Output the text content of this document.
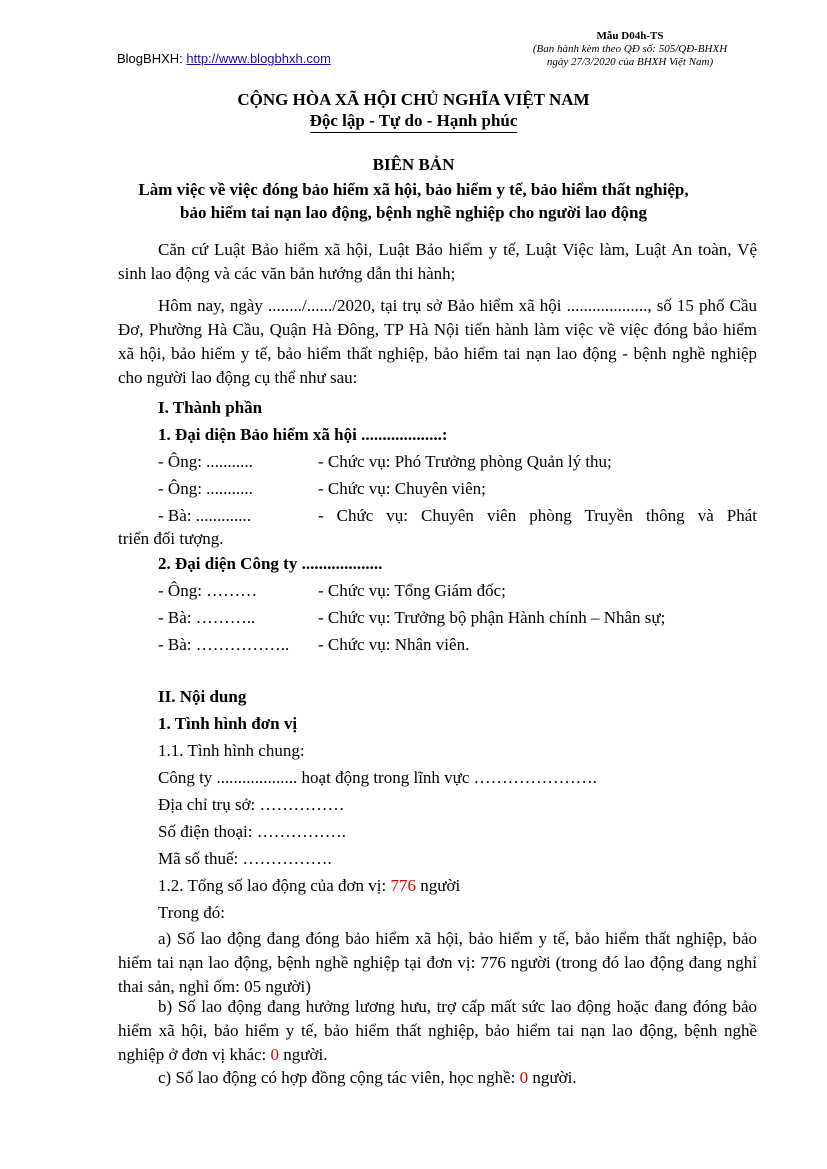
BlogBHXH: http://www.blogbhxh.com
Mẫu D04h-TS
(Ban hành kèm theo QĐ số: 505/QĐ-BHXH
ngày 27/3/2020 của BHXH Việt Nam)
CỘNG HÒA XÃ HỘI CHỦ NGHĨA VIỆT NAM
Độc lập - Tự do - Hạnh phúc
BIÊN BẢN
Làm việc về việc đóng bảo hiểm xã hội, bảo hiểm y tế, bảo hiểm thất nghiệp,
bảo hiểm tai nạn lao động, bệnh nghề nghiệp cho người lao động
Căn cứ Luật Bảo hiểm xã hội, Luật Bảo hiểm y tế, Luật Việc làm, Luật An toàn, Vệ sinh lao động và các văn bản hướng dẫn thi hành;
Hôm nay, ngày ......../....../2020, tại trụ sở Bảo hiểm xã hội ..................., số 15 phố Cầu Đơ, Phường Hà Cầu, Quận Hà Đông, TP Hà Nội tiến hành làm việc về việc đóng bảo hiểm xã hội, bảo hiểm y tế, bảo hiểm thất nghiệp, bảo hiểm tai nạn lao động - bệnh nghề nghiệp cho người lao động cụ thể như sau:
I. Thành phần
1. Đại diện Bảo hiểm xã hội ...................:
- Ông: ...........	- Chức vụ: Phó Trưởng phòng Quản lý thu;
- Ông: ...........	- Chức vụ: Chuyên viên;
- Bà: .............	- Chức vụ: Chuyên viên phòng Truyền thông và Phát
triển đối tượng.
2. Đại diện Công ty ...................
- Ông: ………	- Chức vụ: Tổng Giám đốc;
- Bà: ………..	- Chức vụ: Trưởng bộ phận Hành chính – Nhân sự;
- Bà: …………….. - Chức vụ: Nhân viên.
II. Nội dung
1. Tình hình đơn vị
1.1. Tình hình chung:
Công ty ................... hoạt động trong lĩnh vực ………………….
Địa chỉ trụ sở: ……………
Số điện thoại: …………….
Mã số thuế: …………….
1.2. Tổng số lao động của đơn vị: 776 người
Trong đó:
a) Số lao động đang đóng bảo hiểm xã hội, bảo hiểm y tế, bảo hiểm thất nghiệp, bảo hiểm tai nạn lao động, bệnh nghề nghiệp tại đơn vị: 776 người (trong đó lao động đang nghỉ thai sản, nghỉ ốm: 05 người)
b) Số lao động đang hưởng lương hưu, trợ cấp mất sức lao động hoặc đang đóng bảo hiểm xã hội, bảo hiểm y tế, bảo hiểm thất nghiệp, bảo hiểm tai nạn lao động, bệnh nghề nghiệp ở đơn vị khác: 0 người.
c) Số lao động có hợp đồng cộng tác viên, học nghề: 0 người.
